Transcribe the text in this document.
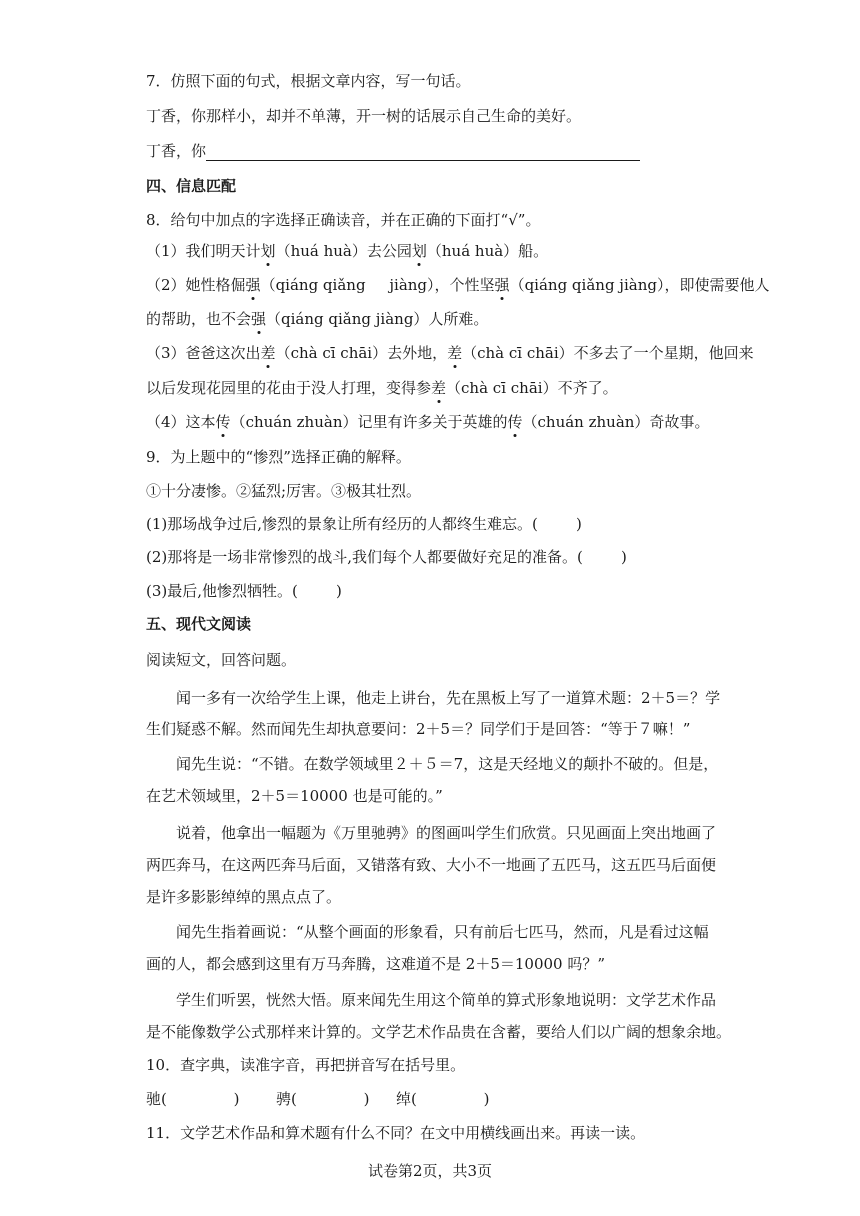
7．仿照下面的句式，根据文章内容，写一句话。
丁香，你那样小，却并不单薄，开一树的话展示自己生命的美好。
丁香，你
四、信息匹配
8．给句中加点的字选择正确读音，并在正确的下面打“√”。
（1）我们明天计划（huá huà）去公园划（huá huà）船。
（2）她性格倔强（qiáng qiǎng     jiàng），个性坚强（qiáng qiǎng jiàng），即使需要他人
的帮助，也不会强（qiáng qiǎng jiàng）人所难。
（3）爸爸这次出差（chà cī chāi）去外地，差（chà cī chāi）不多去了一个星期，他回来
以后发现花园里的花由于没人打理，变得参差（chà cī chāi）不齐了。
（4）这本传（chuán zhuàn）记里有许多关于英雄的传（chuán zhuàn）奇故事。
9．为上题中的“惨烈”选择正确的解释。
①十分凄惨。②猛烈;厉害。③极其壮烈。
(1)那场战争过后,惨烈的景象让所有经历的人都终生难忘。(        )
(2)那将是一场非常惨烈的战斗,我们每个人都要做好充足的准备。(        )
(3)最后,他惨烈牺牲。(        )
五、现代文阅读
阅读短文，回答问题。
闻一多有一次给学生上课，他走上讲台，先在黑板上写了一道算术题：2＋5＝？学
生们疑惑不解。然而闻先生却执意要问：2＋5＝？同学们于是回答：“等于７嘛！”
闻先生说：“不错。在数学领域里２＋５＝7，这是天经地义的颠扑不破的。但是，
在艺术领域里，2＋5＝10000 也是可能的。”
说着，他拿出一幅题为《万里驰骋》的图画叫学生们欣赏。只见画面上突出地画了
两匹奔马，在这两匹奔马后面，又错落有致、大小不一地画了五匹马，这五匹马后面便
是许多影影绰绰的黑点点了。
闻先生指着画说：“从整个画面的形象看，只有前后七匹马，然而，凡是看过这幅
画的人，都会感到这里有万马奔腾，这难道不是 2＋5＝10000 吗？”
学生们听罢，恍然大悟。原来闻先生用这个简单的算式形象地说明：文学艺术作品
是不能像数学公式那样来计算的。文学艺术作品贵在含蓄，要给人们以广阔的想象余地。
10．查字典，读准字音，再把拼音写在括号里。
驰(              ) 骋(              ) 绰(              )
11．文学艺术作品和算术题有什么不同？在文中用横线画出来。再读一读。
试卷第2页，共3页
